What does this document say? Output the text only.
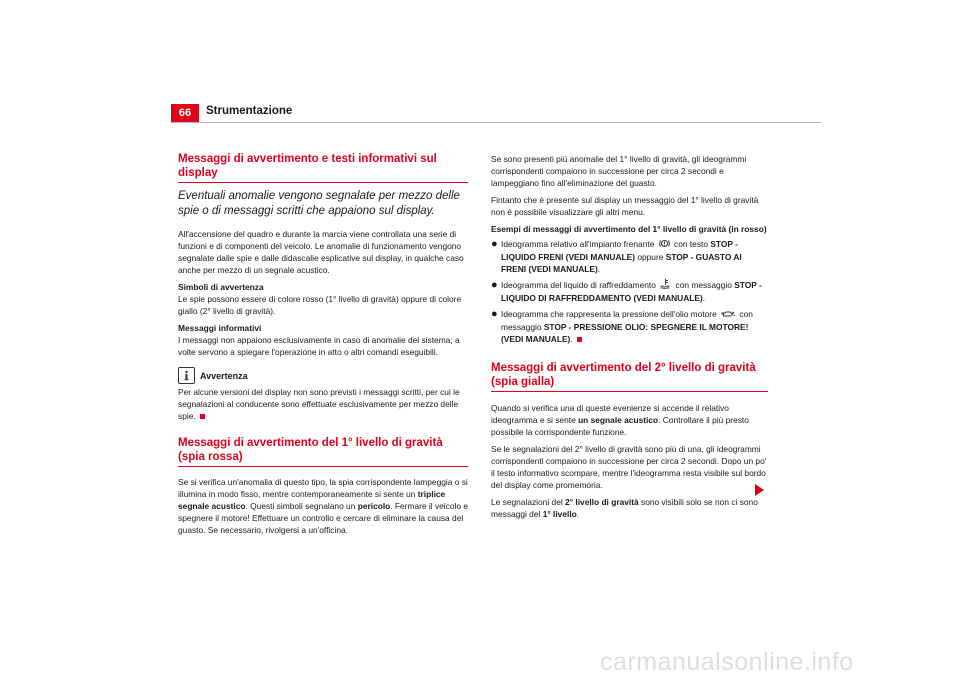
66	Strumentazione
Messaggi di avvertimento e testi informativi sul display
Eventuali anomalie vengono segnalate per mezzo delle spie o di messaggi scritti che appaiono sul display.

All'accensione del quadro e durante la marcia viene controllata una serie di funzioni e di componenti del veicolo. Le anomalie di funzionamento vengono segnalate dalle spie e dalle didascalie esplicative sul display, in qualche caso anche per mezzo di un segnale acustico.

Simboli di avvertenza

Le spie possono essere di colore rosso (1° livello di gravità) oppure di colore giallo (2° livello di gravità).

Messaggi informativi

I messaggi non appaiono esclusivamente in caso di anomalie del sistema; a volte servono a spiegare l'operazione in atto o altri comandi eseguibili.

Avvertenza

Per alcune versioni del display non sono previsti i messaggi scritti, per cui le segnalazioni al conducente sono effettuate esclusivamente per mezzo delle spie.

Messaggi di avvertimento del 1° livello di gravità (spia rossa)

Se si verifica un'anomalia di questo tipo, la spia corrispondente lampeggia o si illumina in modo fisso, mentre contemporaneamente si sente un triplice segnale acustico. Questi simboli segnalano un pericolo. Fermare il veicolo e spegnere il motore! Effettuare un controllo e cercare di eliminare la causa del guasto. Se necessario, rivolgersi a un'officina.

Se sono presenti più anomalie del 1° livello di gravità, gli ideogrammi corrispondenti compaiono in successione per circa 2 secondi e lampeggiano fino all'eliminazione del guasto.

Fintanto che è presente sul display un messaggio del 1° livello di gravità non è possibile visualizzare gli altri menu.

Esempi di messaggi di avvertimento del 1° livello di gravità (in rosso)

● Ideogramma relativo all'impianto frenante  con testo STOP - LIQUIDO FRENI (VEDI MANUALE) oppure STOP - GUASTO AI FRENI (VEDI MANUALE).
● Ideogramma del liquido di raffreddamento  con messaggio STOP - LIQUIDO DI RAFFREDDAMENTO (VEDI MANUALE).
● Ideogramma che rappresenta la pressione dell'olio motore  con messaggio STOP - PRESSIONE OLIO: SPEGNERE IL MOTORE! (VEDI MANUALE).
Messaggi di avvertimento del 2° livello di gravità (spia gialla)

Quando si verifica una di queste evenienze si accende il relativo ideogramma e si sente un segnale acustico. Controllare il più presto possibile la corrispondente funzione.

Se le segnalazioni del 2° livello di gravità sono più di una, gli ideogrammi corrispondenti compaiono in successione per circa 2 secondi. Dopo un po' il testo informativo scompare, mentre l'ideogramma resta visibile sul bordo del display come promemoria.

Le segnalazioni del 2° livello di gravità sono visibili solo se non ci sono messaggi del 1° livello.

carmanualsonline.info
